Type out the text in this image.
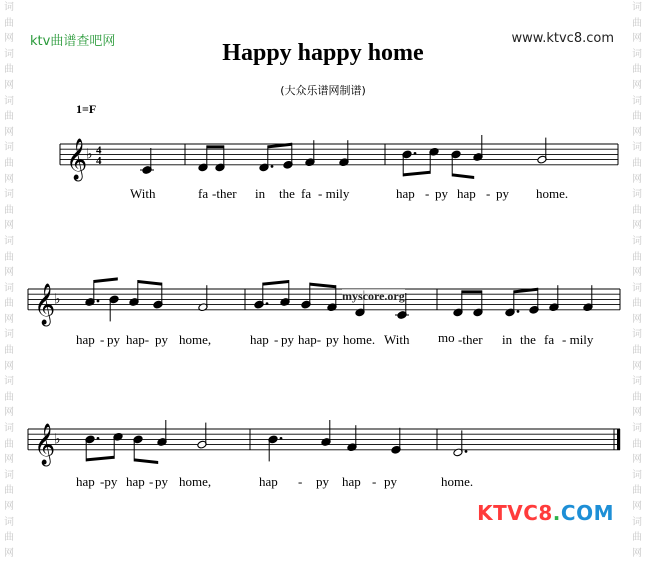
词
曲
网
词
曲
网
词
曲
网
词
曲
网
词
曲
网
词
曲
网
词
曲
网
词
曲
网
词
曲
网
词
曲
网
词
曲
网
词
曲
网
词
曲
网
词
曲
网
词
曲
网
词
曲
网
词
曲
网
词
曲
网
词
曲
网
词
曲
网
词
曲
网
词
曲
网
词
曲
网
词
曲
网
ktv曲谱查吧网	www.ktvc8.com
Happy happy home
(大众乐谱网制谱)
1=F
𝄞
♭ 4
4
𝄞
♭
𝄞
♭
myscore.org
With	fa -ther in the fa - mily	hap - py hap - py home.
hap - py hap- py home,	hap - py hap- py home. With mo -ther in the fa - mily
hap -py hap - py home,	hap - py hap - py	home.
KTVC8.COM
